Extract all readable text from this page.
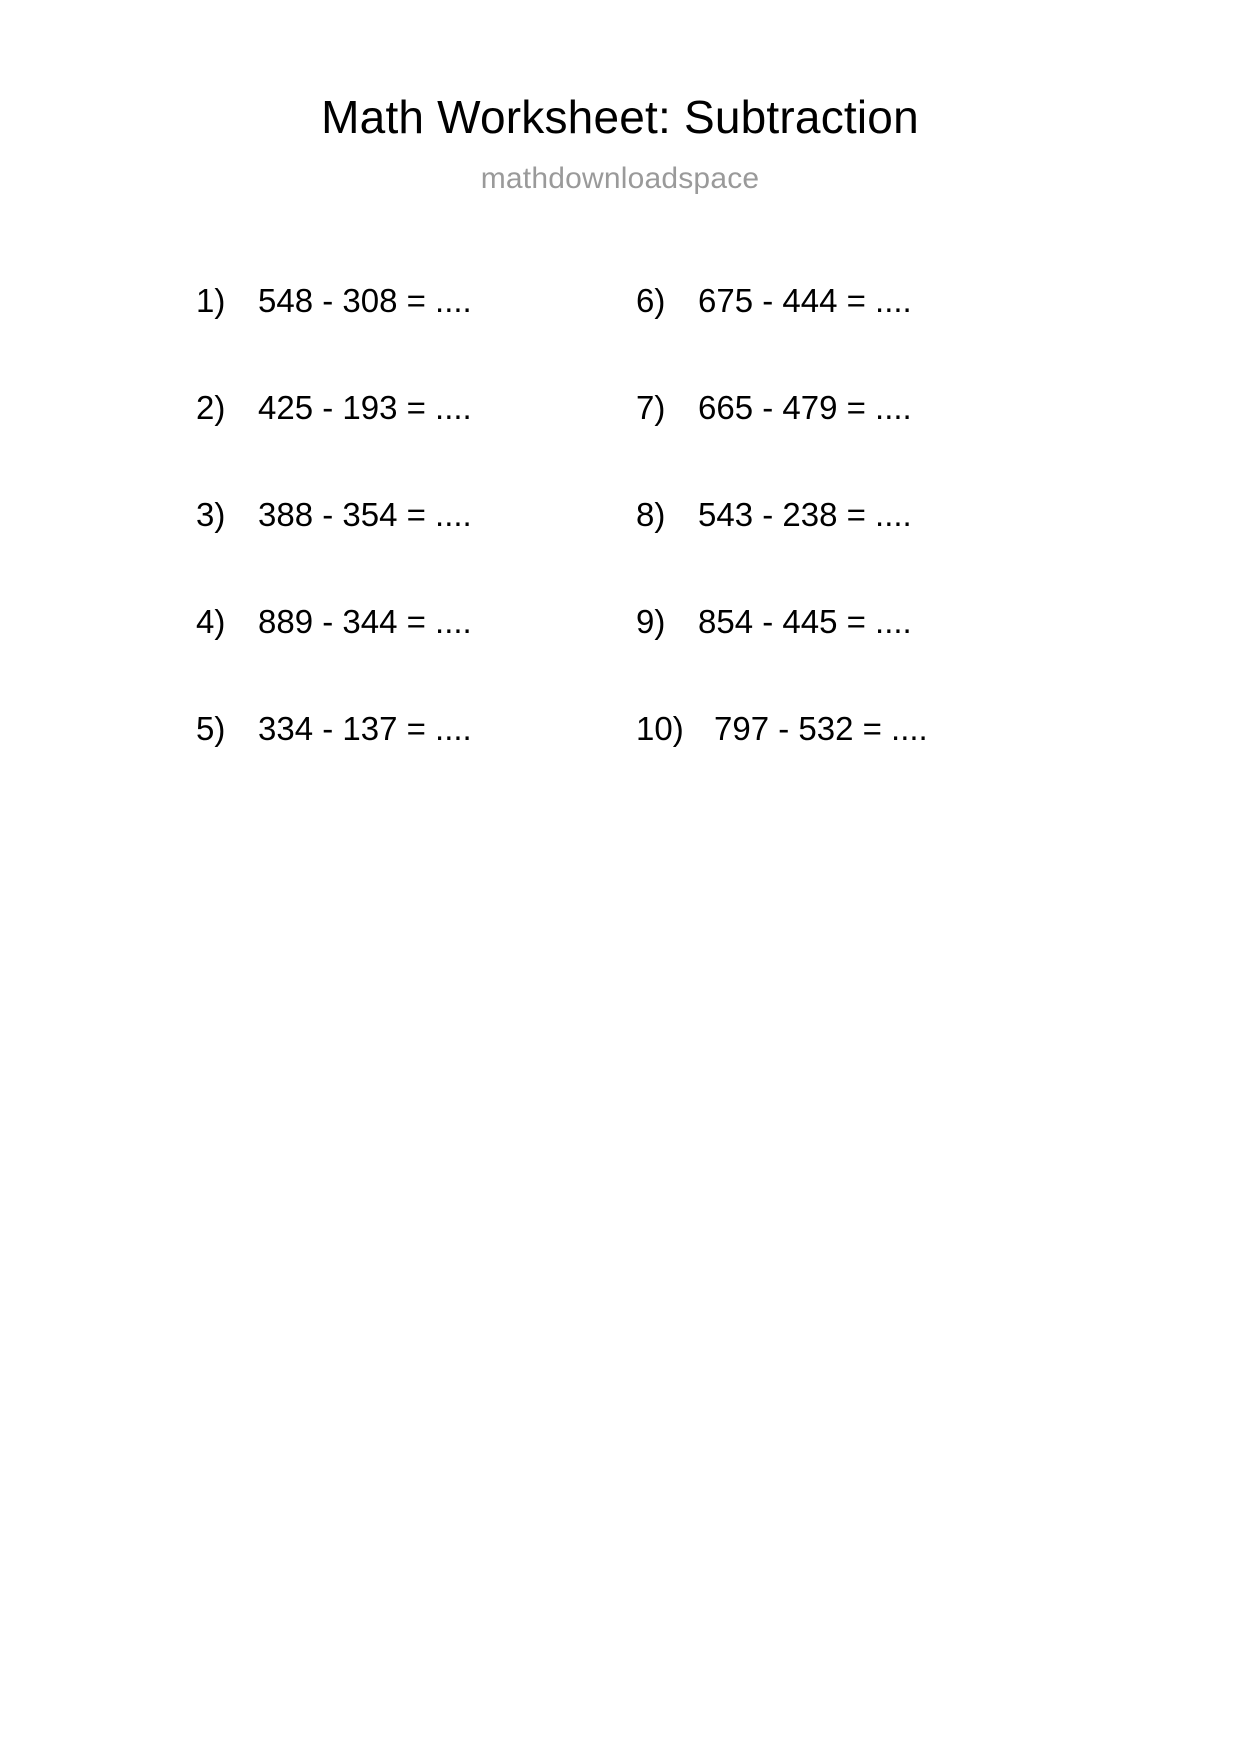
Math Worksheet: Subtraction
mathdownloadspace
1) 548 - 308 = ....
2) 425 - 193 = ....
3) 388 - 354 = ....
4) 889 - 344 = ....
5) 334 - 137 = ....
6) 675 - 444 = ....
7) 665 - 479 = ....
8) 543 - 238 = ....
9) 854 - 445 = ....
10) 797 - 532 = ....
